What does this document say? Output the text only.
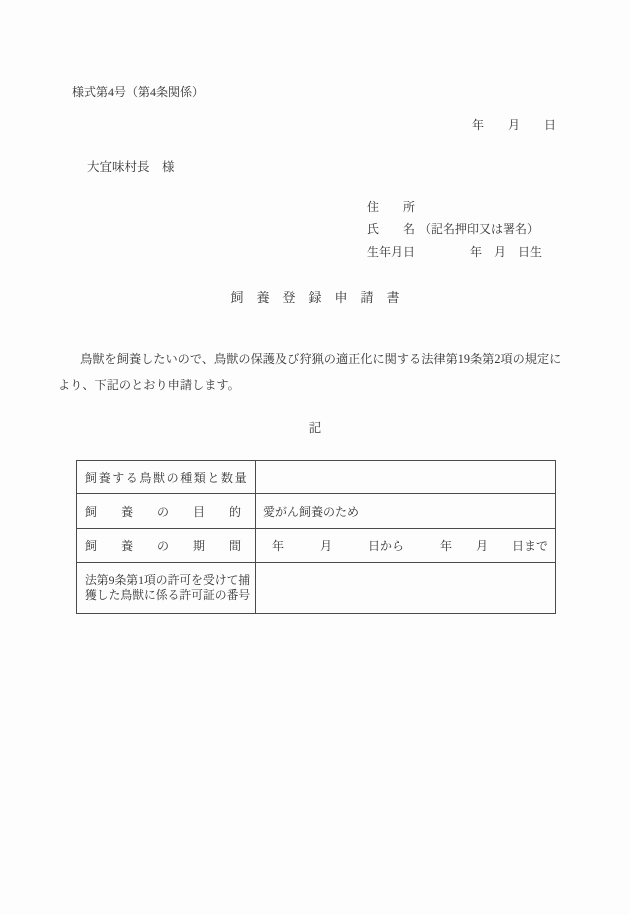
様式第4号（第4条関係）
年　　月　　日
大宜味村長　様
住　　所
氏　　名 （記名押印又は署名）
生年月日	年　月　日生
飼　養　登　録　申　請　書
　鳥獣を飼養したいので、鳥獣の保護及び狩猟の適正化に関する法律第19条第2項の規定に
より、下記のとおり申請します。
記
飼養する鳥獣の種類と数量	
飼　　養　　の　　目　　的	愛がん飼養のため
飼　　養　　の　　期　　間	年　　　月　　　日から　　　年　　月　　日まで

法第9条第1項の許可を受けて捕
獲した鳥獣に係る許可証の番号	
